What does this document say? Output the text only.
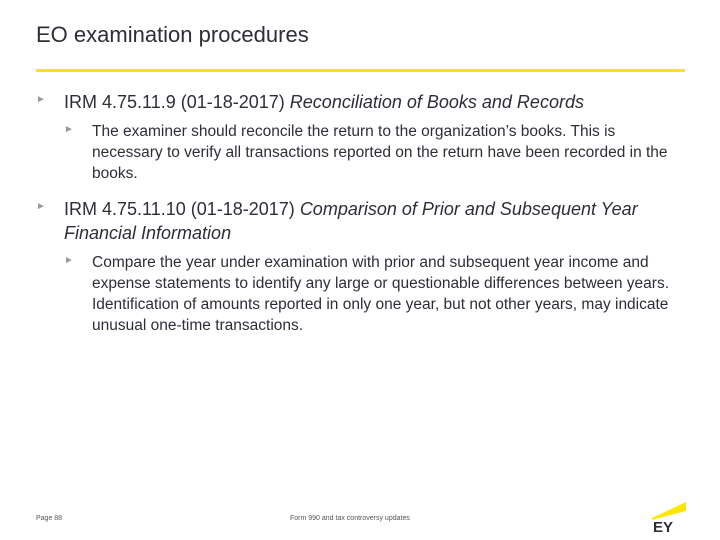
EO examination procedures
►	IRM 4.75.11.9 (01-18-2017) Reconciliation of Books and Records
►	The examiner should reconcile the return to the organization’s books. This is necessary to verify all transactions reported on the return have been recorded in the books.
►	IRM 4.75.11.10 (01-18-2017) Comparison of Prior and Subsequent Year Financial Information
►	Compare the year under examination with prior and subsequent year income and expense statements to identify any large or questionable differences between years. Identification of amounts reported in only one year, but not other years, may indicate unusual one-time transactions.
Page 88	Form 990 and tax controversy updates
EY
